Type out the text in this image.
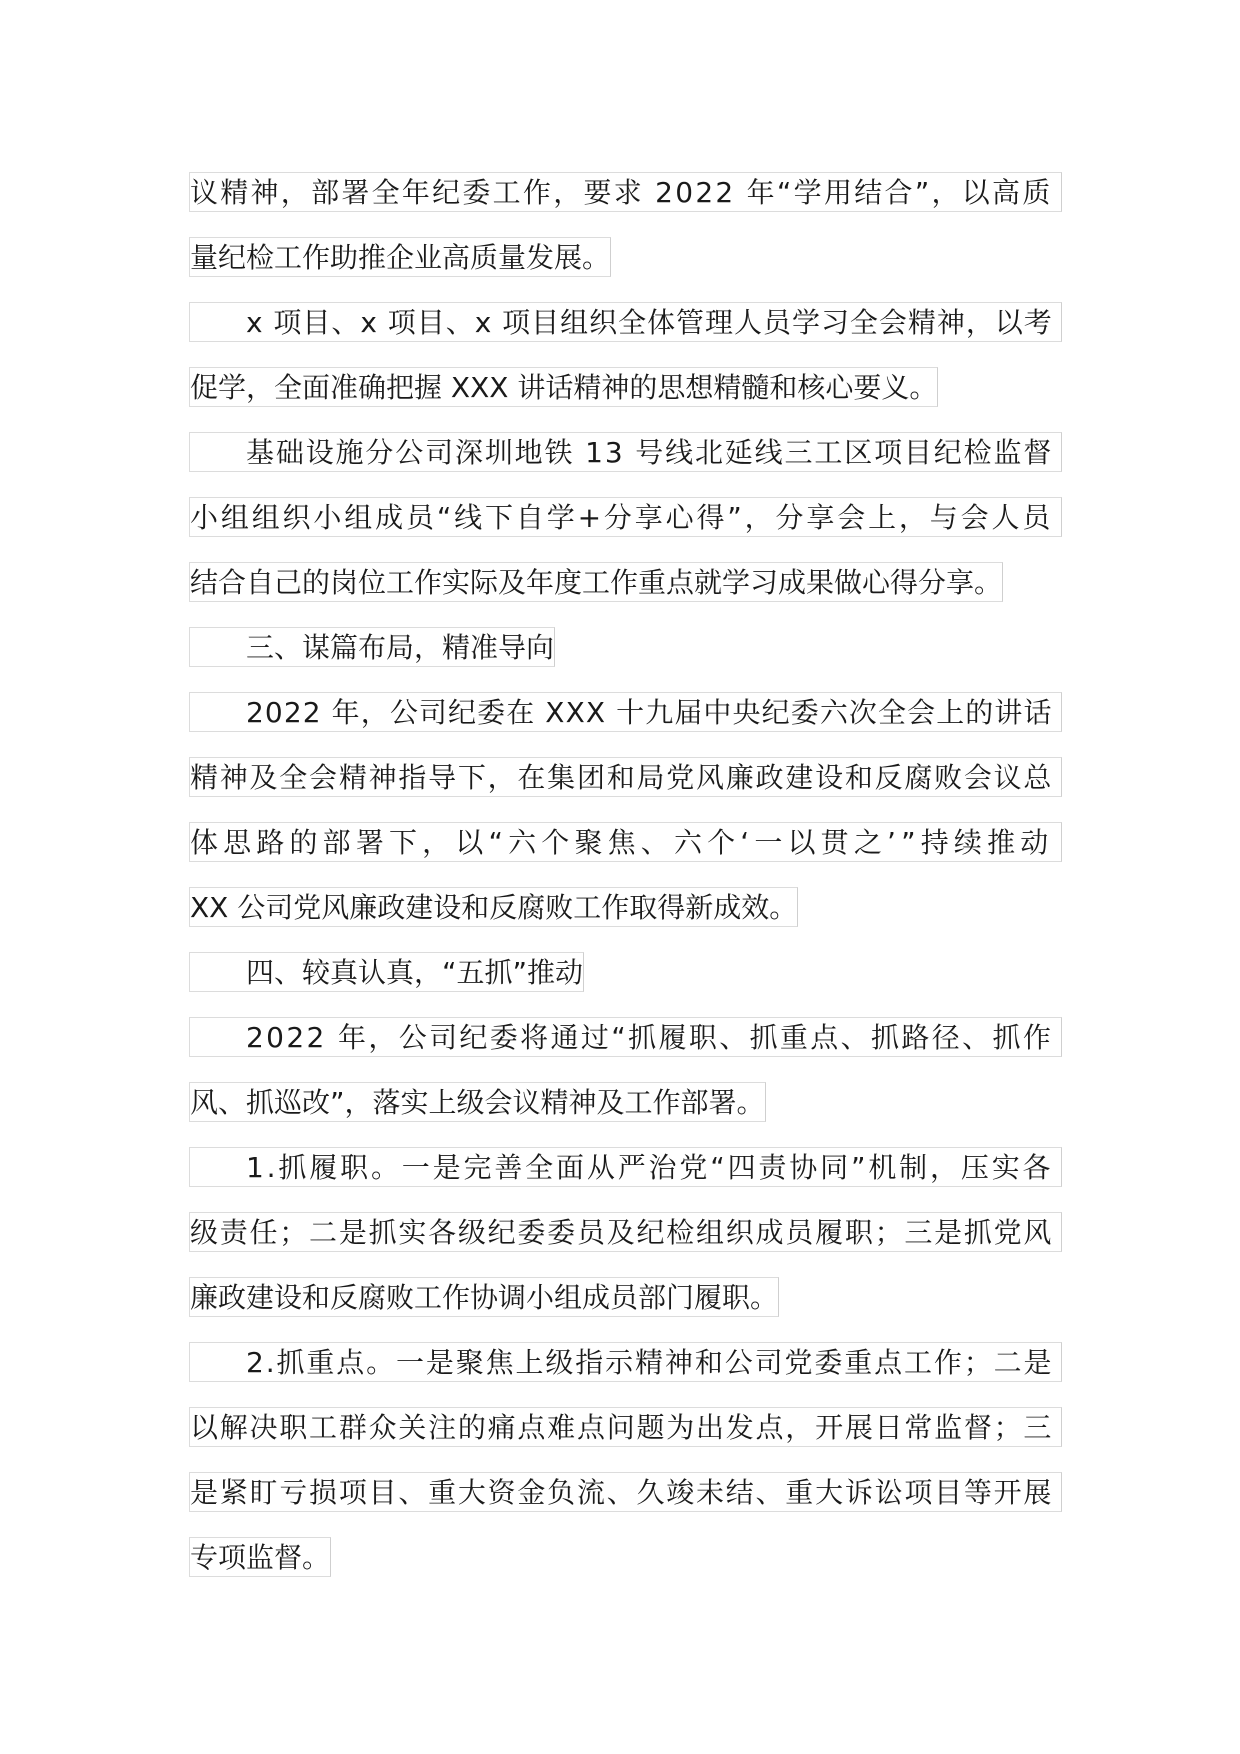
议精神，部署全年纪委工作，要求 2022 年“学用结合”，以高质
量纪检工作助推企业高质量发展。
x 项目、x 项目、x 项目组织全体管理人员学习全会精神，以考
促学，全面准确把握 XXX 讲话精神的思想精髓和核心要义。
基础设施分公司深圳地铁 13 号线北延线三工区项目纪检监督
小组组织小组成员“线下自学+分享心得”，分享会上，与会人员
结合自己的岗位工作实际及年度工作重点就学习成果做心得分享。
三、谋篇布局，精准导向
2022 年，公司纪委在 XXX 十九届中央纪委六次全会上的讲话
精神及全会精神指导下，在集团和局党风廉政建设和反腐败会议总
体思路的部署下，以“六个聚焦、六个‘一以贯之’”持续推动
XX 公司党风廉政建设和反腐败工作取得新成效。
四、较真认真，“五抓”推动
2022 年，公司纪委将通过“抓履职、抓重点、抓路径、抓作
风、抓巡改”，落实上级会议精神及工作部署。
1.抓履职。一是完善全面从严治党“四责协同”机制，压实各
级责任；二是抓实各级纪委委员及纪检组织成员履职；三是抓党风
廉政建设和反腐败工作协调小组成员部门履职。
2.抓重点。一是聚焦上级指示精神和公司党委重点工作；二是
以解决职工群众关注的痛点难点问题为出发点，开展日常监督；三
是紧盯亏损项目、重大资金负流、久竣未结、重大诉讼项目等开展
专项监督。
